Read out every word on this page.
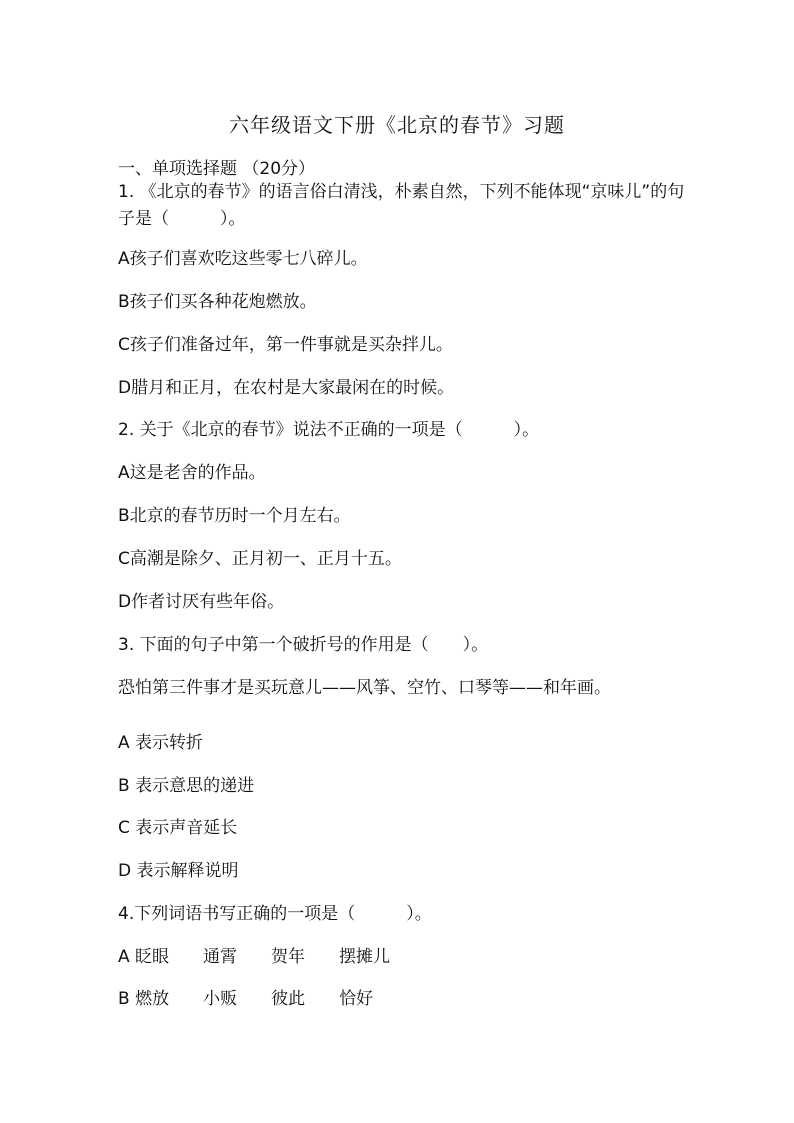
六年级语文下册《北京的春节》习题
一、单项选择题 （20分）
1. 《北京的春节》的语言俗白清浅，朴素自然，下列不能体现“京味儿”的句子是（　　　）。
A孩子们喜欢吃这些零七八碎儿。
B孩子们买各种花炮燃放。
C孩子们准备过年，第一件事就是买杂拌儿。
D腊月和正月，在农村是大家最闲在的时候。
2. 关于《北京的春节》说法不正确的一项是（　　　）。
A这是老舍的作品。
B北京的春节历时一个月左右。
C高潮是除夕、正月初一、正月十五。
D作者讨厌有些年俗。
3. 下面的句子中第一个破折号的作用是（　　）。
恐怕第三件事才是买玩意儿——风筝、空竹、口琴等——和年画。
A 表示转折
B 表示意思的递进
C 表示声音延长
D 表示解释说明
4.下列词语书写正确的一项是（　　　）。
A 眨眼　　通霄　　贺年　　摆摊儿
B 燃放　　小贩　　彼此　　恰好
